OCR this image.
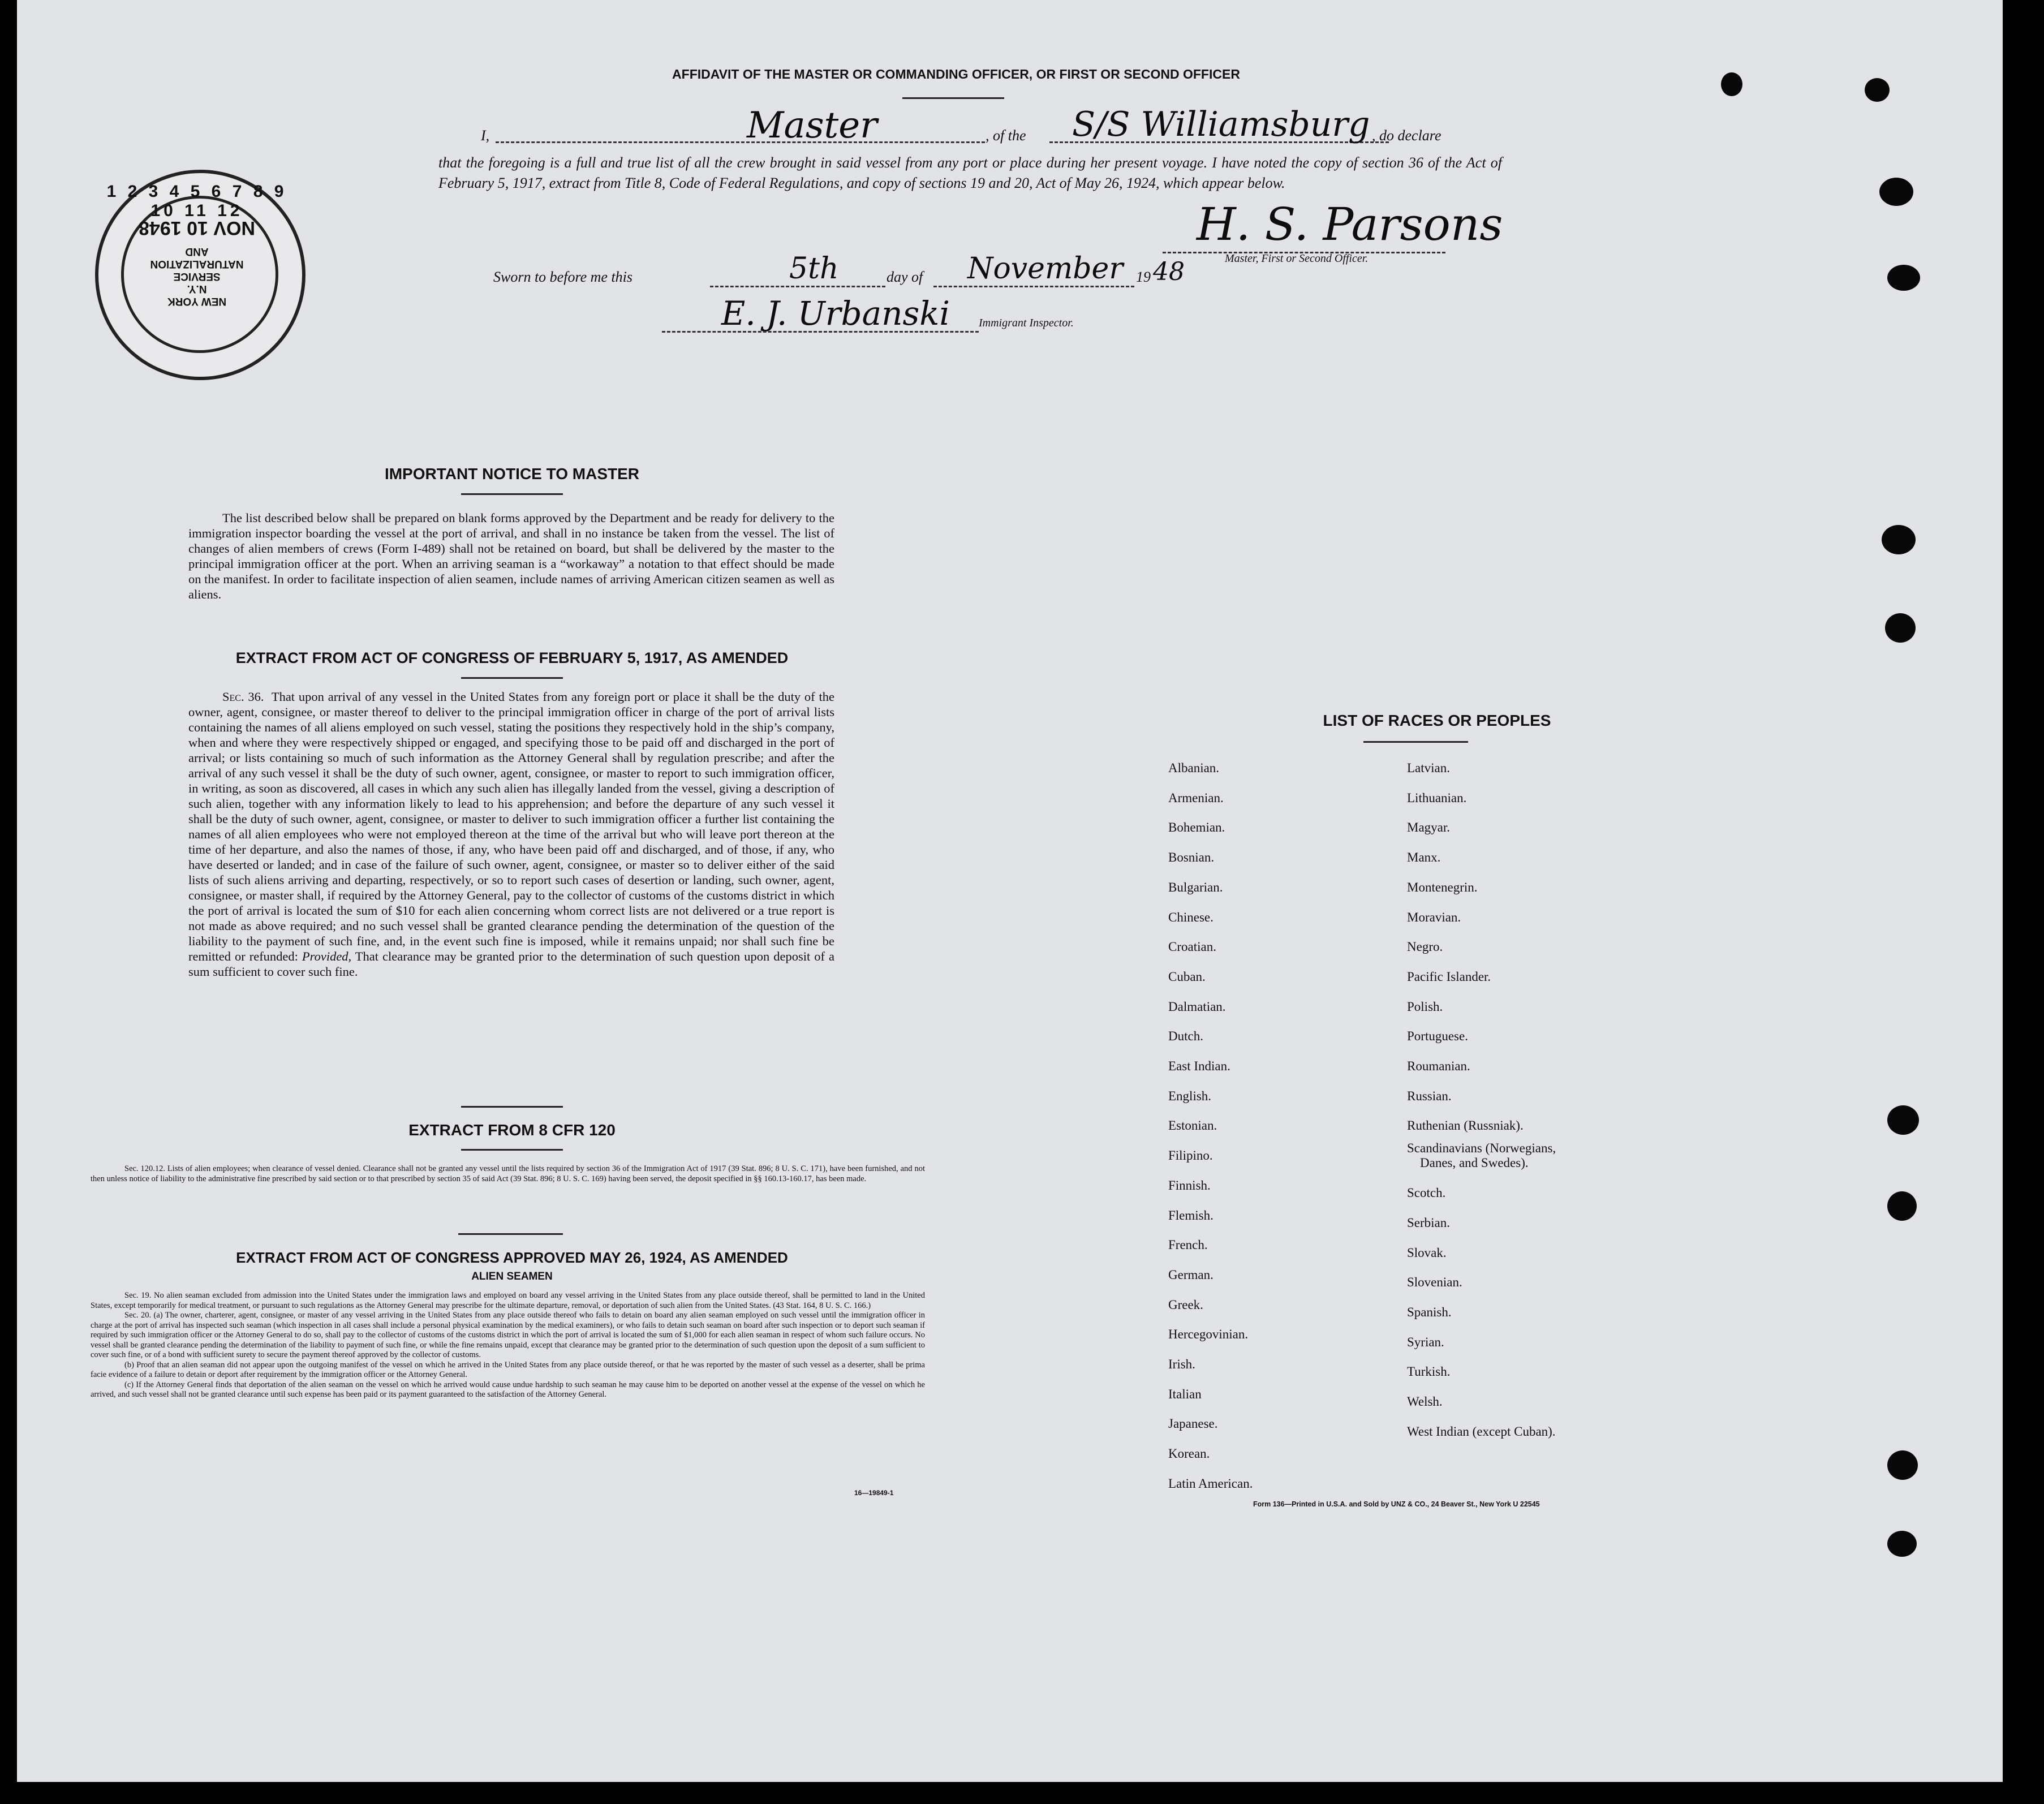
AFFIDAVIT OF THE MASTER OR COMMANDING OFFICER, OR FIRST OR SECOND OFFICER
I,	Master	, of the S/S Williamsburg , do declare
that the foregoing is a full and true list of all the crew brought in said vessel from any port or place during her present voyage. I have noted the copy of section 36 of the Act of February 5, 1917, extract from Title 8, Code of Federal Regulations, and copy of sections 19 and 20, Act of May 26, 1924, which appear below.
H. S. Parsons
Master, First or Second Officer.
Sworn to before me this	5th	day of November 19 48
E. J. Urbanski	Immigrant Inspector.
1 2 3 4 5 6 7 8 9 10 11 12
NEW YORK
N.Y.
SERVICE
NATURALIZATION
AND
NOV 10 1948
IMPORTANT NOTICE TO MASTER

The list described below shall be prepared on blank forms approved by the Department and be ready for delivery to the immigration inspector boarding the vessel at the port of arrival, and shall in no instance be taken from the vessel. The list of changes of alien members of crews (Form I-489) shall not be retained on board, but shall be delivered by the master to the principal immigration officer at the port. When an arriving seaman is a “workaway” a notation to that effect should be made on the manifest. In order to facilitate inspection of alien seamen, include names of arriving American citizen seamen as well as aliens.

EXTRACT FROM ACT OF CONGRESS OF FEBRUARY 5, 1917, AS AMENDED

Sec. 36. That upon arrival of any vessel in the United States from any foreign port or place it shall be the duty of the owner, agent, consignee, or master thereof to deliver to the principal immigration officer in charge of the port of arrival lists containing the names of all aliens employed on such vessel, stating the positions they respectively hold in the ship’s company, when and where they were respectively shipped or engaged, and specifying those to be paid off and discharged in the port of arrival; or lists containing so much of such information as the Attorney General shall by regulation prescribe; and after the arrival of any such vessel it shall be the duty of such owner, agent, consignee, or master to report to such immigration officer, in writing, as soon as discovered, all cases in which any such alien has illegally landed from the vessel, giving a description of such alien, together with any information likely to lead to his apprehension; and before the departure of any such vessel it shall be the duty of such owner, agent, consignee, or master to deliver to such immigration officer a further list containing the names of all alien employees who were not employed thereon at the time of the arrival but who will leave port thereon at the time of her departure, and also the names of those, if any, who have been paid off and discharged, and of those, if any, who have deserted or landed; and in case of the failure of such owner, agent, consignee, or master so to deliver either of the said lists of such aliens arriving and departing, respectively, or so to report such cases of desertion or landing, such owner, agent, consignee, or master shall, if required by the Attorney General, pay to the collector of customs of the customs district in which the port of arrival is located the sum of $10 for each alien concerning whom correct lists are not delivered or a true report is not made as above required; and no such vessel shall be granted clearance pending the determination of the question of the liability to the payment of such fine, and, in the event such fine is imposed, while it remains unpaid; nor shall such fine be remitted or refunded: Provided, That clearance may be granted prior to the determination of such question upon deposit of a sum sufficient to cover such fine.

EXTRACT FROM 8 CFR 120

Sec. 120.12. Lists of alien employees; when clearance of vessel denied. Clearance shall not be granted any vessel until the lists required by section 36 of the Immigration Act of 1917 (39 Stat. 896; 8 U. S. C. 171), have been furnished, and not then unless notice of liability to the administrative fine prescribed by said section or to that prescribed by section 35 of said Act (39 Stat. 896; 8 U. S. C. 169) having been served, the deposit specified in §§ 160.13-160.17, has been made.

EXTRACT FROM ACT OF CONGRESS APPROVED MAY 26, 1924, AS AMENDED
ALIEN SEAMEN

Sec. 19. No alien seaman excluded from admission into the United States under the immigration laws and employed on board any vessel arriving in the United States from any place outside thereof, shall be permitted to land in the United States, except temporarily for medical treatment, or pursuant to such regulations as the Attorney General may prescribe for the ultimate departure, removal, or deportation of such alien from the United States. (43 Stat. 164, 8 U. S. C. 166.)

Sec. 20. (a) The owner, charterer, agent, consignee, or master of any vessel arriving in the United States from any place outside thereof who fails to detain on board any alien seaman employed on such vessel until the immigration officer in charge at the port of arrival has inspected such seaman (which inspection in all cases shall include a personal physical examination by the medical examiners), or who fails to detain such seaman on board after such inspection or to deport such seaman if required by such immigration officer or the Attorney General to do so, shall pay to the collector of customs of the customs district in which the port of arrival is located the sum of $1,000 for each alien seaman in respect of whom such failure occurs. No vessel shall be granted clearance pending the determination of the liability to payment of such fine, or while the fine remains unpaid, except that clearance may be granted prior to the determination of such question upon the deposit of a sum sufficient to cover such fine, or of a bond with sufficient surety to secure the payment thereof approved by the collector of customs.

(b) Proof that an alien seaman did not appear upon the outgoing manifest of the vessel on which he arrived in the United States from any place outside thereof, or that he was reported by the master of such vessel as a deserter, shall be prima facie evidence of a failure to detain or deport after requirement by the immigration officer or the Attorney General.

(c) If the Attorney General finds that deportation of the alien seaman on the vessel on which he arrived would cause undue hardship to such seaman he may cause him to be deported on another vessel at the expense of the vessel on which he arrived, and such vessel shall not be granted clearance until such expense has been paid or its payment guaranteed to the satisfaction of the Attorney General.

16—19849-1
LIST OF RACES OR PEOPLES
Albanian.
Armenian.
Bohemian.
Bosnian.
Bulgarian.
Chinese.
Croatian.
Cuban.
Dalmatian.
Dutch.
East Indian.
English.
Estonian.
Filipino.
Finnish.
Flemish.
French.
German.
Greek.
Hercegovinian.
Irish.
Italian
Japanese.
Korean.
Latin American.
Latvian.
Lithuanian.
Magyar.
Manx.
Montenegrin.
Moravian.
Negro.
Pacific Islander.
Polish.
Portuguese.
Roumanian.
Russian.
Ruthenian (Russniak).
Scandinavians (Norwegians,
Danes, and Swedes).
Scotch.
Serbian.
Slovak.
Slovenian.
Spanish.
Syrian.
Turkish.
Welsh.
West Indian (except Cuban).
Form 136—Printed in U.S.A. and Sold by UNZ & CO., 24 Beaver St., New York U 22545
